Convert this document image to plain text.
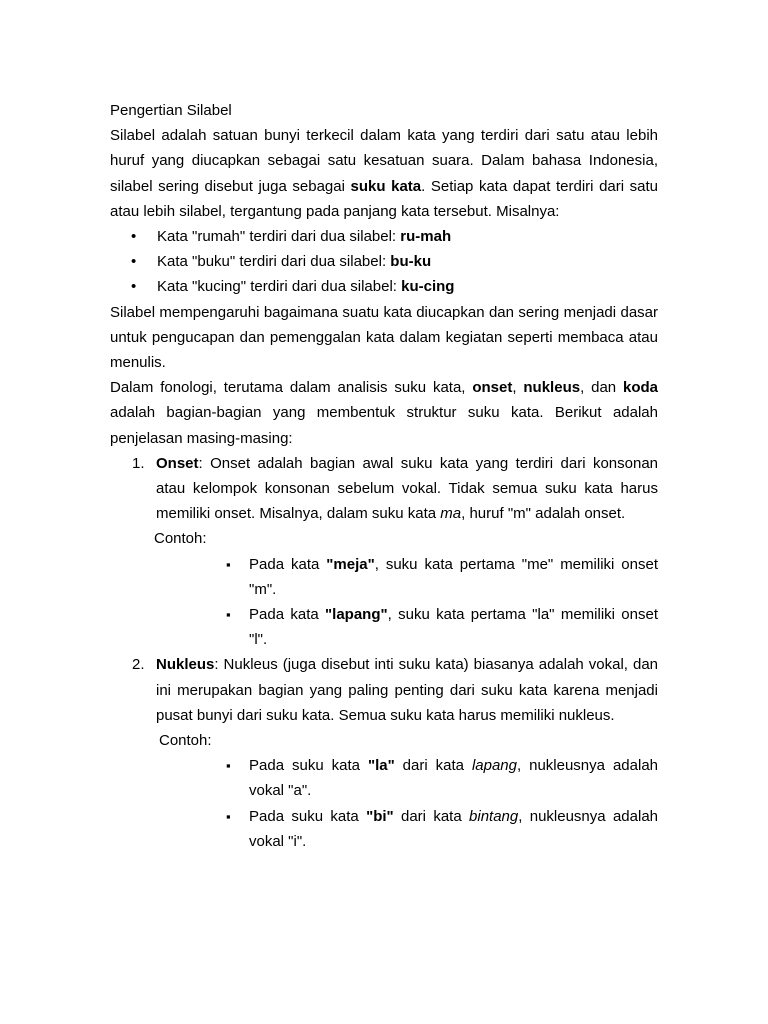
Pengertian Silabel

Silabel adalah satuan bunyi terkecil dalam kata yang terdiri dari satu atau lebih huruf yang diucapkan sebagai satu kesatuan suara. Dalam bahasa Indonesia, silabel sering disebut juga sebagai suku kata. Setiap kata dapat terdiri dari satu atau lebih silabel, tergantung pada panjang kata tersebut. Misalnya:

• Kata "rumah" terdiri dari dua silabel: ru-mah
• Kata "buku" terdiri dari dua silabel: bu-ku
• Kata "kucing" terdiri dari dua silabel: ku-cing

Silabel mempengaruhi bagaimana suatu kata diucapkan dan sering menjadi dasar untuk pengucapan dan pemenggalan kata dalam kegiatan seperti membaca atau menulis.

Dalam fonologi, terutama dalam analisis suku kata, onset, nukleus, dan koda adalah bagian-bagian yang membentuk struktur suku kata. Berikut adalah penjelasan masing-masing:

1. Onset: Onset adalah bagian awal suku kata yang terdiri dari konsonan atau kelompok konsonan sebelum vokal. Tidak semua suku kata harus memiliki onset. Misalnya, dalam suku kata ma, huruf "m" adalah onset.

Contoh:

▪ Pada kata "meja", suku kata pertama "me" memiliki onset "m".
▪ Pada kata "lapang", suku kata pertama "la" memiliki onset "l".
2. Nukleus: Nukleus (juga disebut inti suku kata) biasanya adalah vokal, dan ini merupakan bagian yang paling penting dari suku kata karena menjadi pusat bunyi dari suku kata. Semua suku kata harus memiliki nukleus.

Contoh:

▪ Pada suku kata "la" dari kata lapang, nukleusnya adalah vokal "a".
▪ Pada suku kata "bi" dari kata bintang, nukleusnya adalah vokal "i".
